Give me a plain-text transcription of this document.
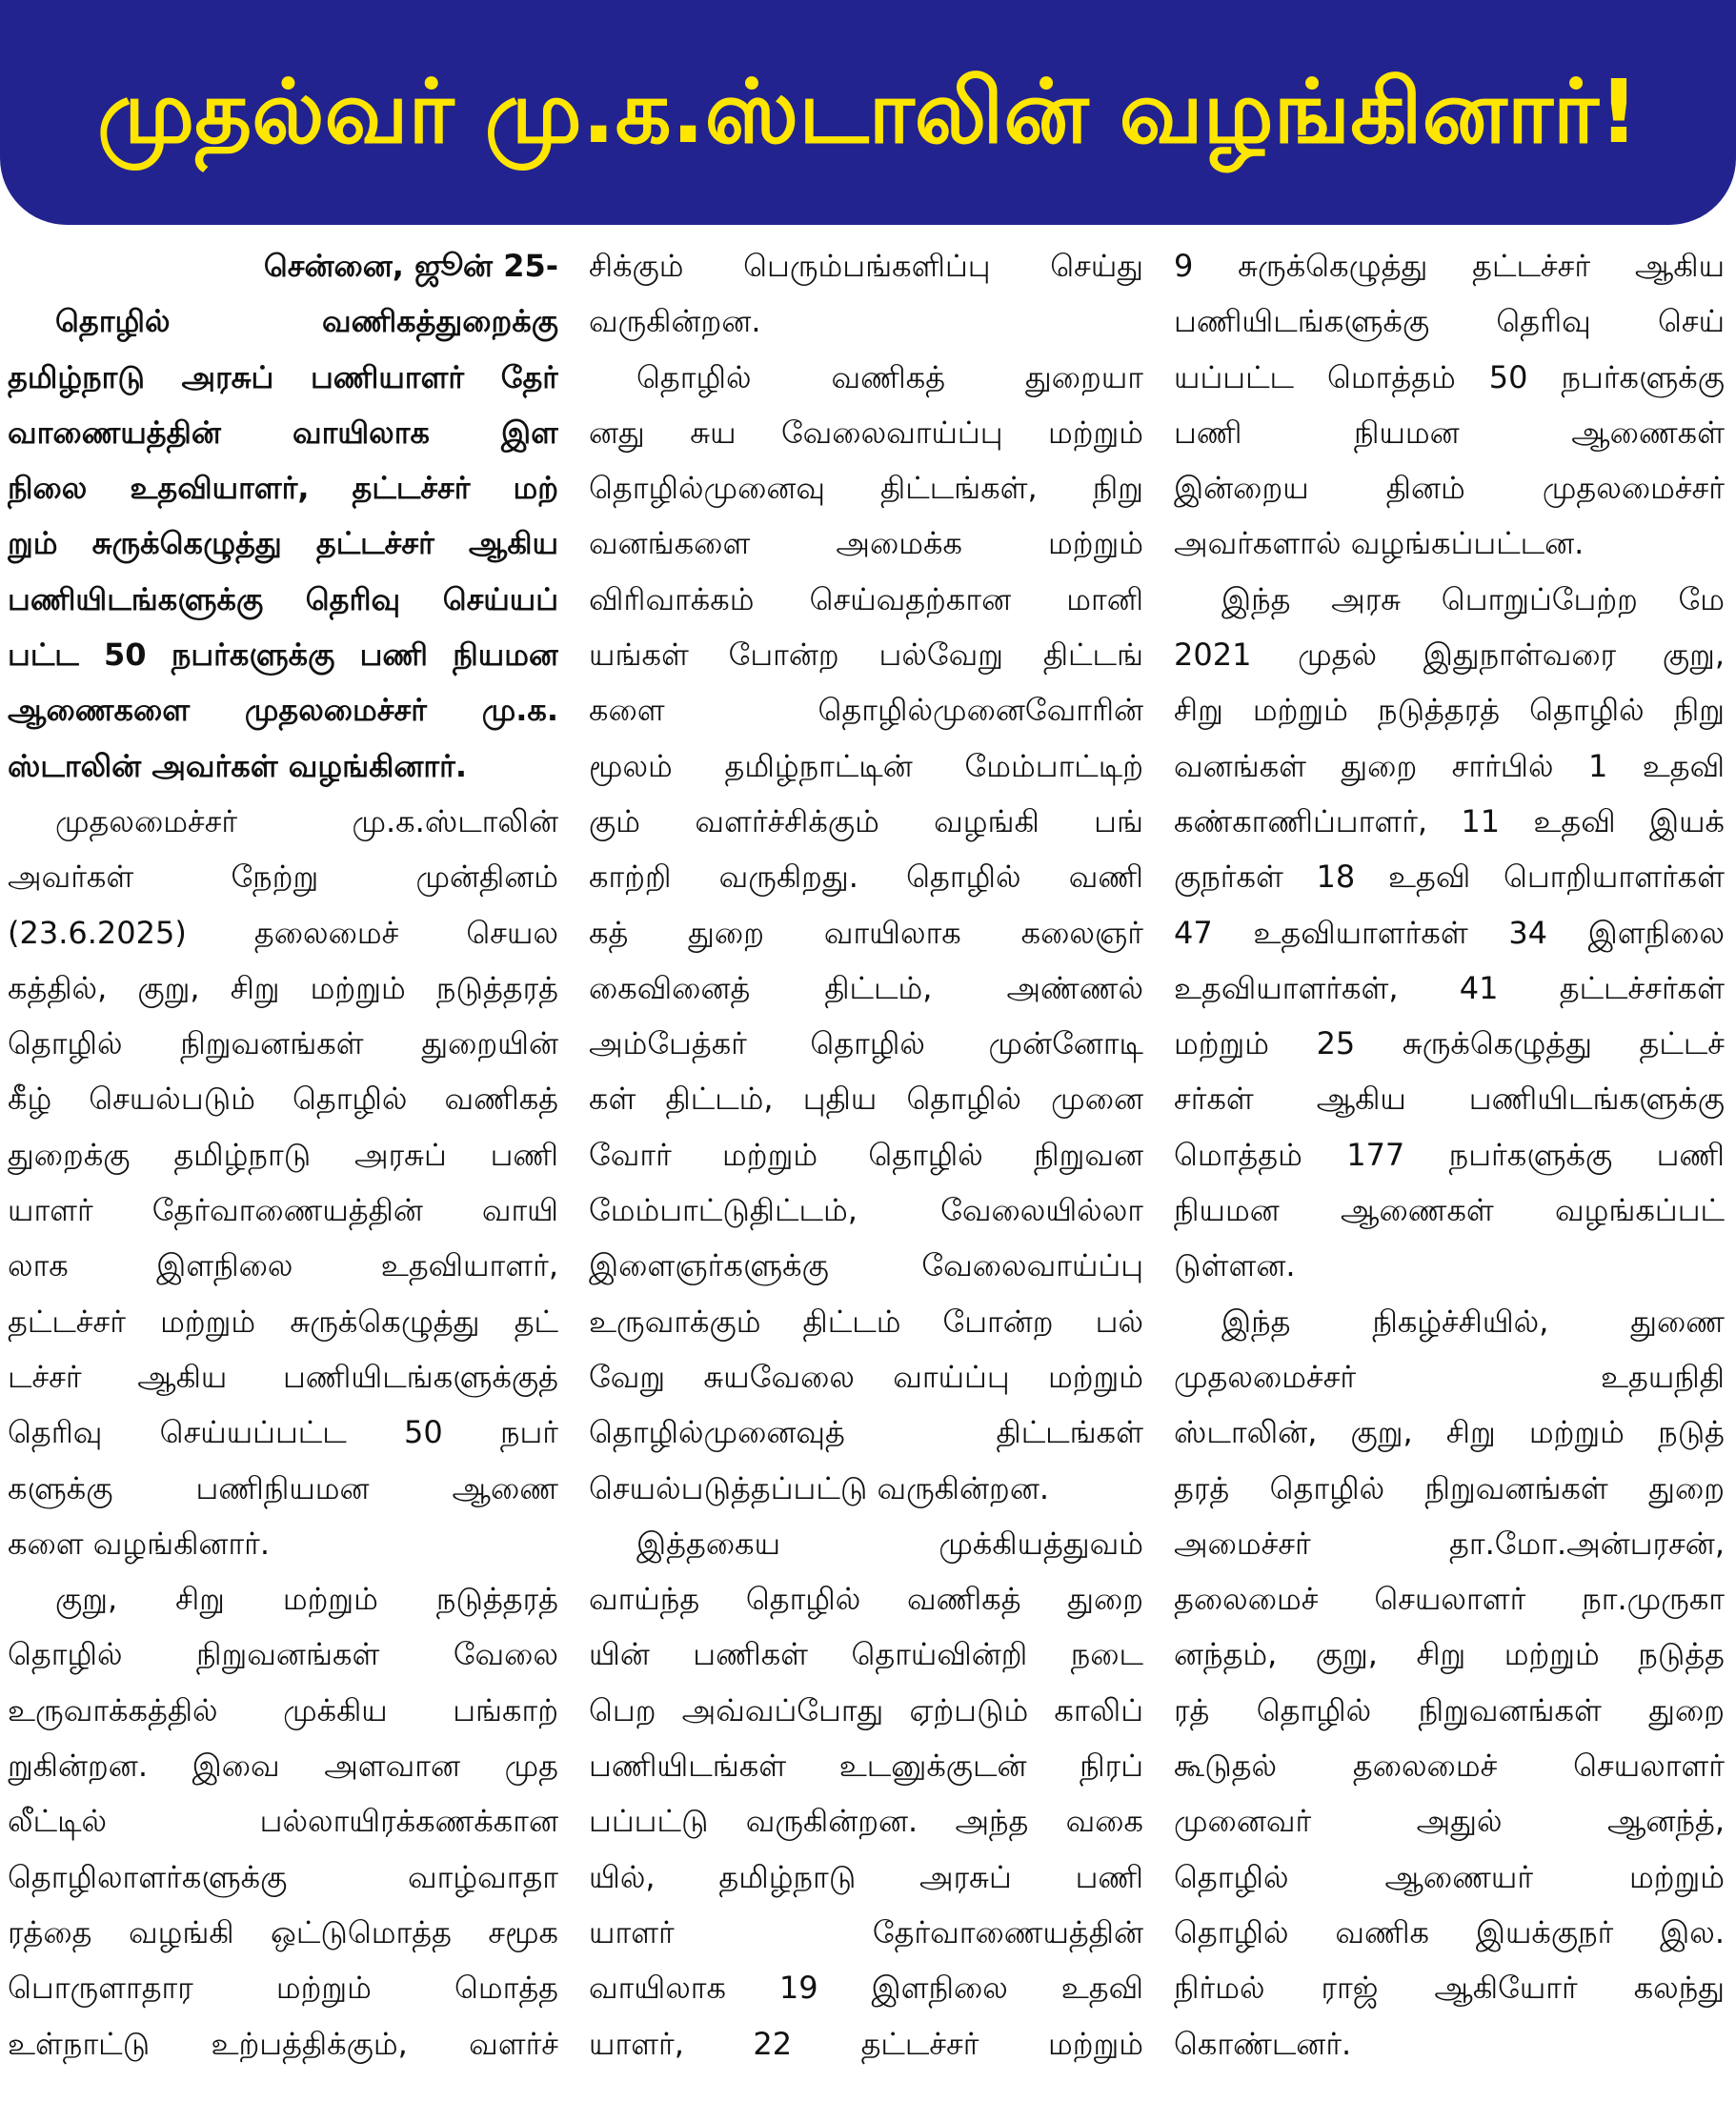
முதல்வர் மு.க.ஸ்டாலின் வழங்கினார்!
சென்னை, ஜூன் 25-
தொழில் வணிகத்துறைக்கு
தமிழ்நாடு அரசுப் பணியாளர் தேர்
வாணையத்தின் வாயிலாக இள
நிலை உதவியாளர், தட்டச்சர் மற்
றும் சுருக்கெழுத்து தட்டச்சர் ஆகிய
பணியிடங்களுக்கு தெரிவு செய்யப்
பட்ட 50 நபர்களுக்கு பணி நியமன
ஆணைகளை முதலமைச்சர் மு.க.
ஸ்டாலின் அவர்கள் வழங்கினார்.
முதலமைச்சர் மு.க.ஸ்டாலின்
அவர்கள் நேற்று முன்தினம்
(23.6.2025) தலைமைச் செயல
கத்தில், குறு, சிறு மற்றும் நடுத்தரத்
தொழில் நிறுவனங்கள் துறையின்
கீழ் செயல்படும் தொழில் வணிகத்
துறைக்கு தமிழ்நாடு அரசுப் பணி
யாளர் தேர்வாணையத்தின் வாயி
லாக இளநிலை உதவியாளர்,
தட்டச்சர் மற்றும் சுருக்கெழுத்து தட்
டச்சர் ஆகிய பணியிடங்களுக்குத்
தெரிவு செய்யப்பட்ட 50 நபர்
களுக்கு பணிநியமன ஆணை
களை வழங்கினார்.
குறு, சிறு மற்றும் நடுத்தரத்
தொழில் நிறுவனங்கள் வேலை
உருவாக்கத்தில் முக்கிய பங்காற்
றுகின்றன. இவை அளவான முத
லீட்டில் பல்லாயிரக்கணக்கான
தொழிலாளர்களுக்கு வாழ்வாதா
ரத்தை வழங்கி ஒட்டுமொத்த சமூக
பொருளாதார மற்றும் மொத்த
உள்நாட்டு உற்பத்திக்கும், வளர்ச்
சிக்கும் பெரும்பங்களிப்பு செய்து
வருகின்றன.
தொழில் வணிகத் துறையா
னது சுய வேலைவாய்ப்பு மற்றும்
தொழில்முனைவு திட்டங்கள், நிறு
வனங்களை அமைக்க மற்றும்
விரிவாக்கம் செய்வதற்கான மானி
யங்கள் போன்ற பல்வேறு திட்டங்
களை தொழில்முனைவோரின்
மூலம் தமிழ்நாட்டின் மேம்பாட்டிற்
கும் வளர்ச்சிக்கும் வழங்கி பங்
காற்றி வருகிறது. தொழில் வணி
கத் துறை வாயிலாக கலைஞர்
கைவினைத் திட்டம், அண்ணல்
அம்பேத்கர் தொழில் முன்னோடி
கள் திட்டம், புதிய தொழில் முனை
வோர் மற்றும் தொழில் நிறுவன
மேம்பாட்டுதிட்டம், வேலையில்லா
இளைஞர்களுக்கு வேலைவாய்ப்பு
உருவாக்கும் திட்டம் போன்ற பல்
வேறு சுயவேலை வாய்ப்பு மற்றும்
தொழில்முனைவுத் திட்டங்கள்
செயல்படுத்தப்பட்டு வருகின்றன.
இத்தகைய முக்கியத்துவம்
வாய்ந்த தொழில் வணிகத் துறை
யின் பணிகள் தொய்வின்றி நடை
பெற அவ்வப்போது ஏற்படும் காலிப்
பணியிடங்கள் உடனுக்குடன் நிரப்
பப்பட்டு வருகின்றன. அந்த வகை
யில், தமிழ்நாடு அரசுப் பணி
யாளர் தேர்வாணையத்தின்
வாயிலாக 19 இளநிலை உதவி
யாளர், 22 தட்டச்சர் மற்றும்
9 சுருக்கெழுத்து தட்டச்சர் ஆகிய
பணியிடங்களுக்கு தெரிவு செய்
யப்பட்ட மொத்தம் 50 நபர்களுக்கு
பணி நியமன ஆணைகள்
இன்றைய தினம் முதலமைச்சர்
அவர்களால் வழங்கப்பட்டன.
இந்த அரசு பொறுப்பேற்ற மே
2021 முதல் இதுநாள்வரை குறு,
சிறு மற்றும் நடுத்தரத் தொழில் நிறு
வனங்கள் துறை சார்பில் 1 உதவி
கண்காணிப்பாளர், 11 உதவி இயக்
குநர்கள் 18 உதவி பொறியாளர்கள்
47 உதவியாளர்கள் 34 இளநிலை
உதவியாளர்கள், 41 தட்டச்சர்கள்
மற்றும் 25 சுருக்கெழுத்து தட்டச்
சர்கள் ஆகிய பணியிடங்களுக்கு
மொத்தம் 177 நபர்களுக்கு பணி
நியமன ஆணைகள் வழங்கப்பட்
டுள்ளன.
இந்த நிகழ்ச்சியில், துணை
முதலமைச்சர் உதயநிதி
ஸ்டாலின், குறு, சிறு மற்றும் நடுத்
தரத் தொழில் நிறுவனங்கள் துறை
அமைச்சர் தா.மோ.அன்பரசன்,
தலைமைச் செயலாளர் நா.முருகா
னந்தம், குறு, சிறு மற்றும் நடுத்த
ரத் தொழில் நிறுவனங்கள் துறை
கூடுதல் தலைமைச் செயலாளர்
முனைவர் அதுல் ஆனந்த்,
தொழில் ஆணையர் மற்றும்
தொழில் வணிக இயக்குநர் இல.
நிர்மல் ராஜ் ஆகியோர் கலந்து
கொண்டனர்.
